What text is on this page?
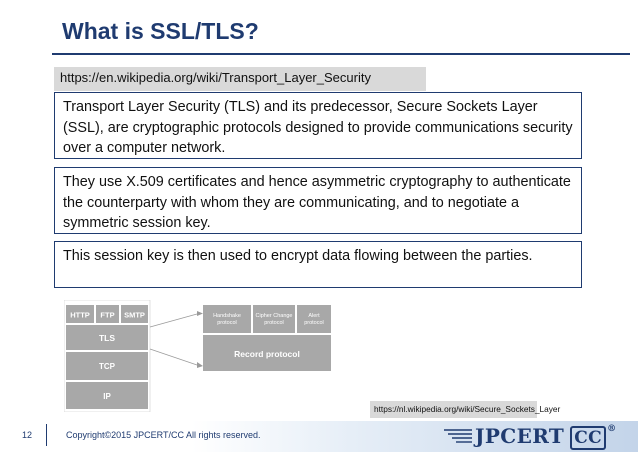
What is SSL/TLS?
https://en.wikipedia.org/wiki/Transport_Layer_Security
Transport Layer Security (TLS) and its predecessor, Secure Sockets Layer (SSL), are cryptographic protocols designed to provide communications security over a computer network.
They use X.509 certificates and hence asymmetric cryptography to authenticate the counterparty with whom they are communicating, and to negotiate a symmetric session key.
This session key is then used to encrypt data flowing between the parties.
HTTP FTP SMTP
TLS
TCP
IP
Handshake
protocol
Cipher Change
protocol
Alert
protocol
Record protocol
https://nl.wikipedia.org/wiki/Secure_Sockets_Layer
12	Copyright©2015 JPCERT/CC All rights reserved.	JPCERT CC ®
